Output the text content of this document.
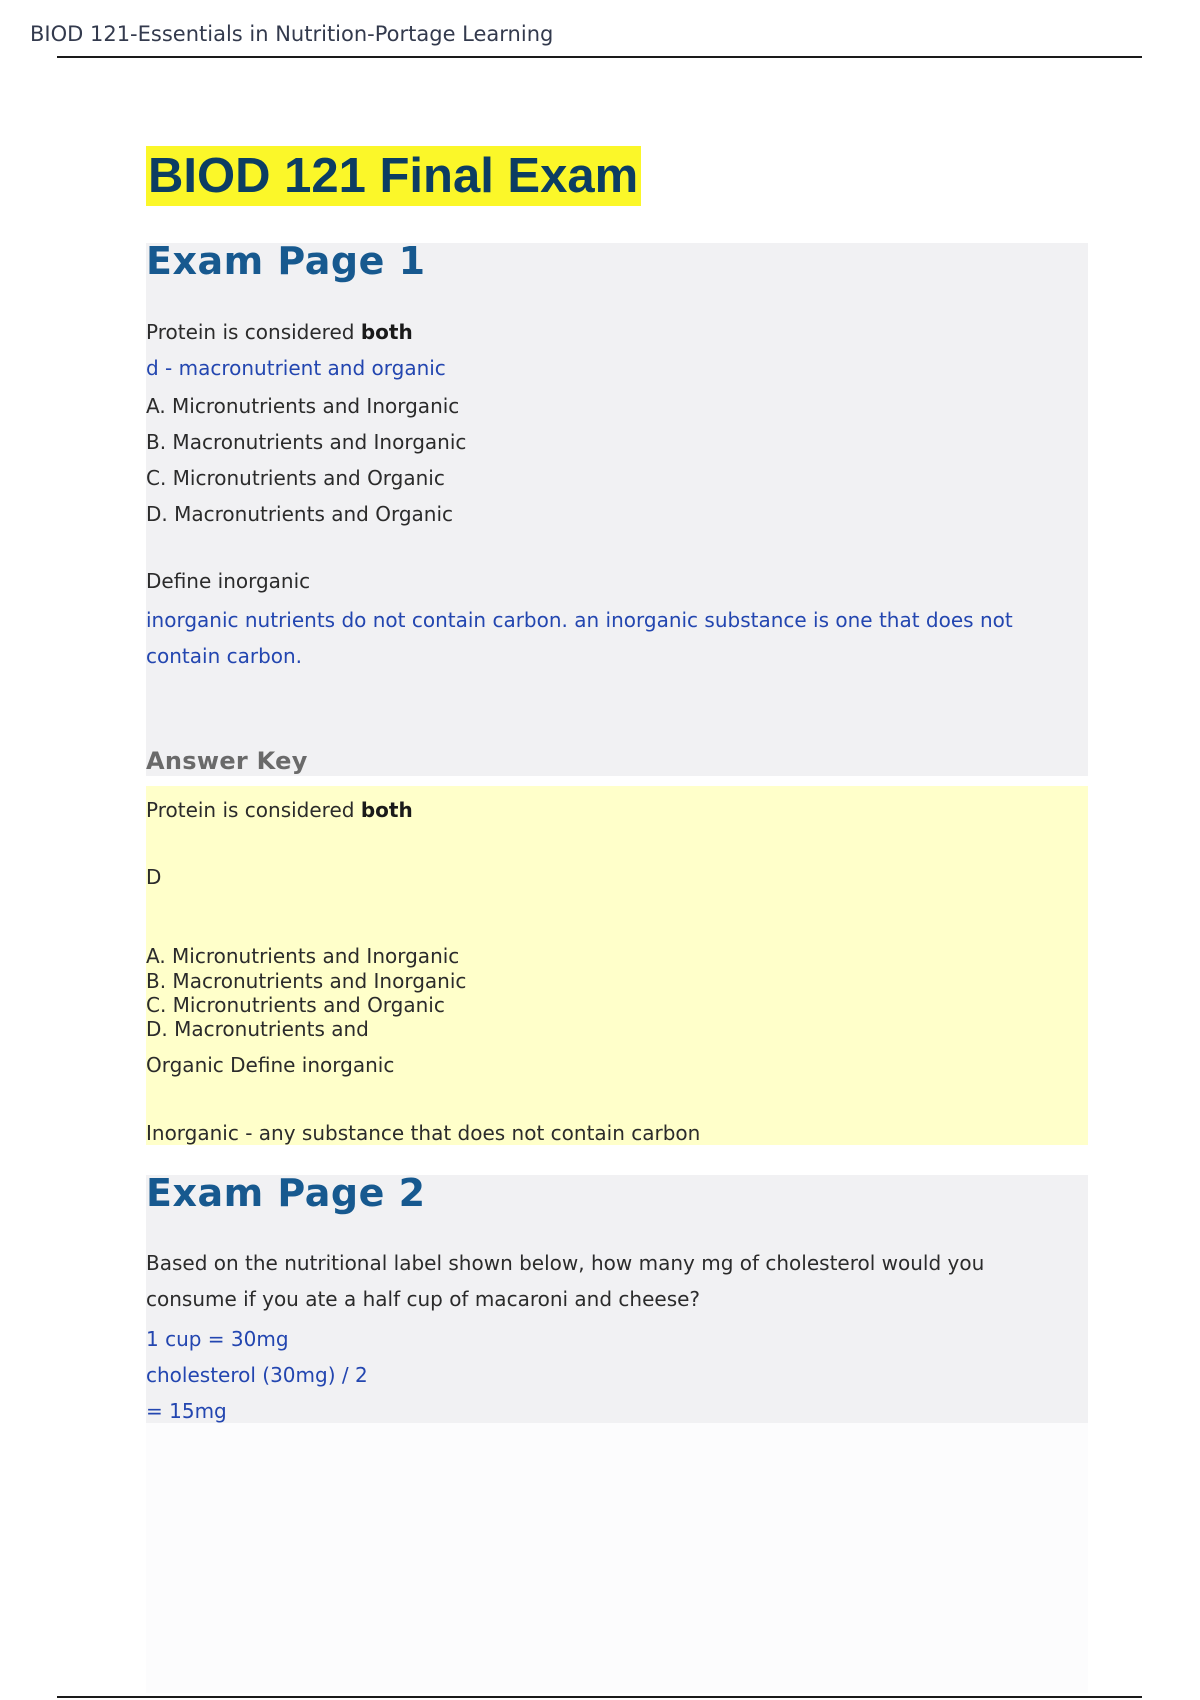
BIOD 121-Essentials in Nutrition-Portage Learning
BIOD 121 Final Exam
Exam Page 1
Protein is considered both
d - macronutrient and organic
A. Micronutrients and Inorganic
B. Macronutrients and Inorganic
C. Micronutrients and Organic
D. Macronutrients and Organic
Define inorganic
inorganic nutrients do not contain carbon. an inorganic substance is one that does not contain carbon.
Answer Key
Protein is considered both
D
A. Micronutrients and Inorganic
B. Macronutrients and Inorganic
C. Micronutrients and Organic
D. Macronutrients and
Organic Define inorganic
Inorganic - any substance that does not contain carbon
Exam Page 2
Based on the nutritional label shown below, how many mg of cholesterol would you consume if you ate a half cup of macaroni and cheese?
1 cup = 30mg
cholesterol (30mg) / 2
= 15mg
